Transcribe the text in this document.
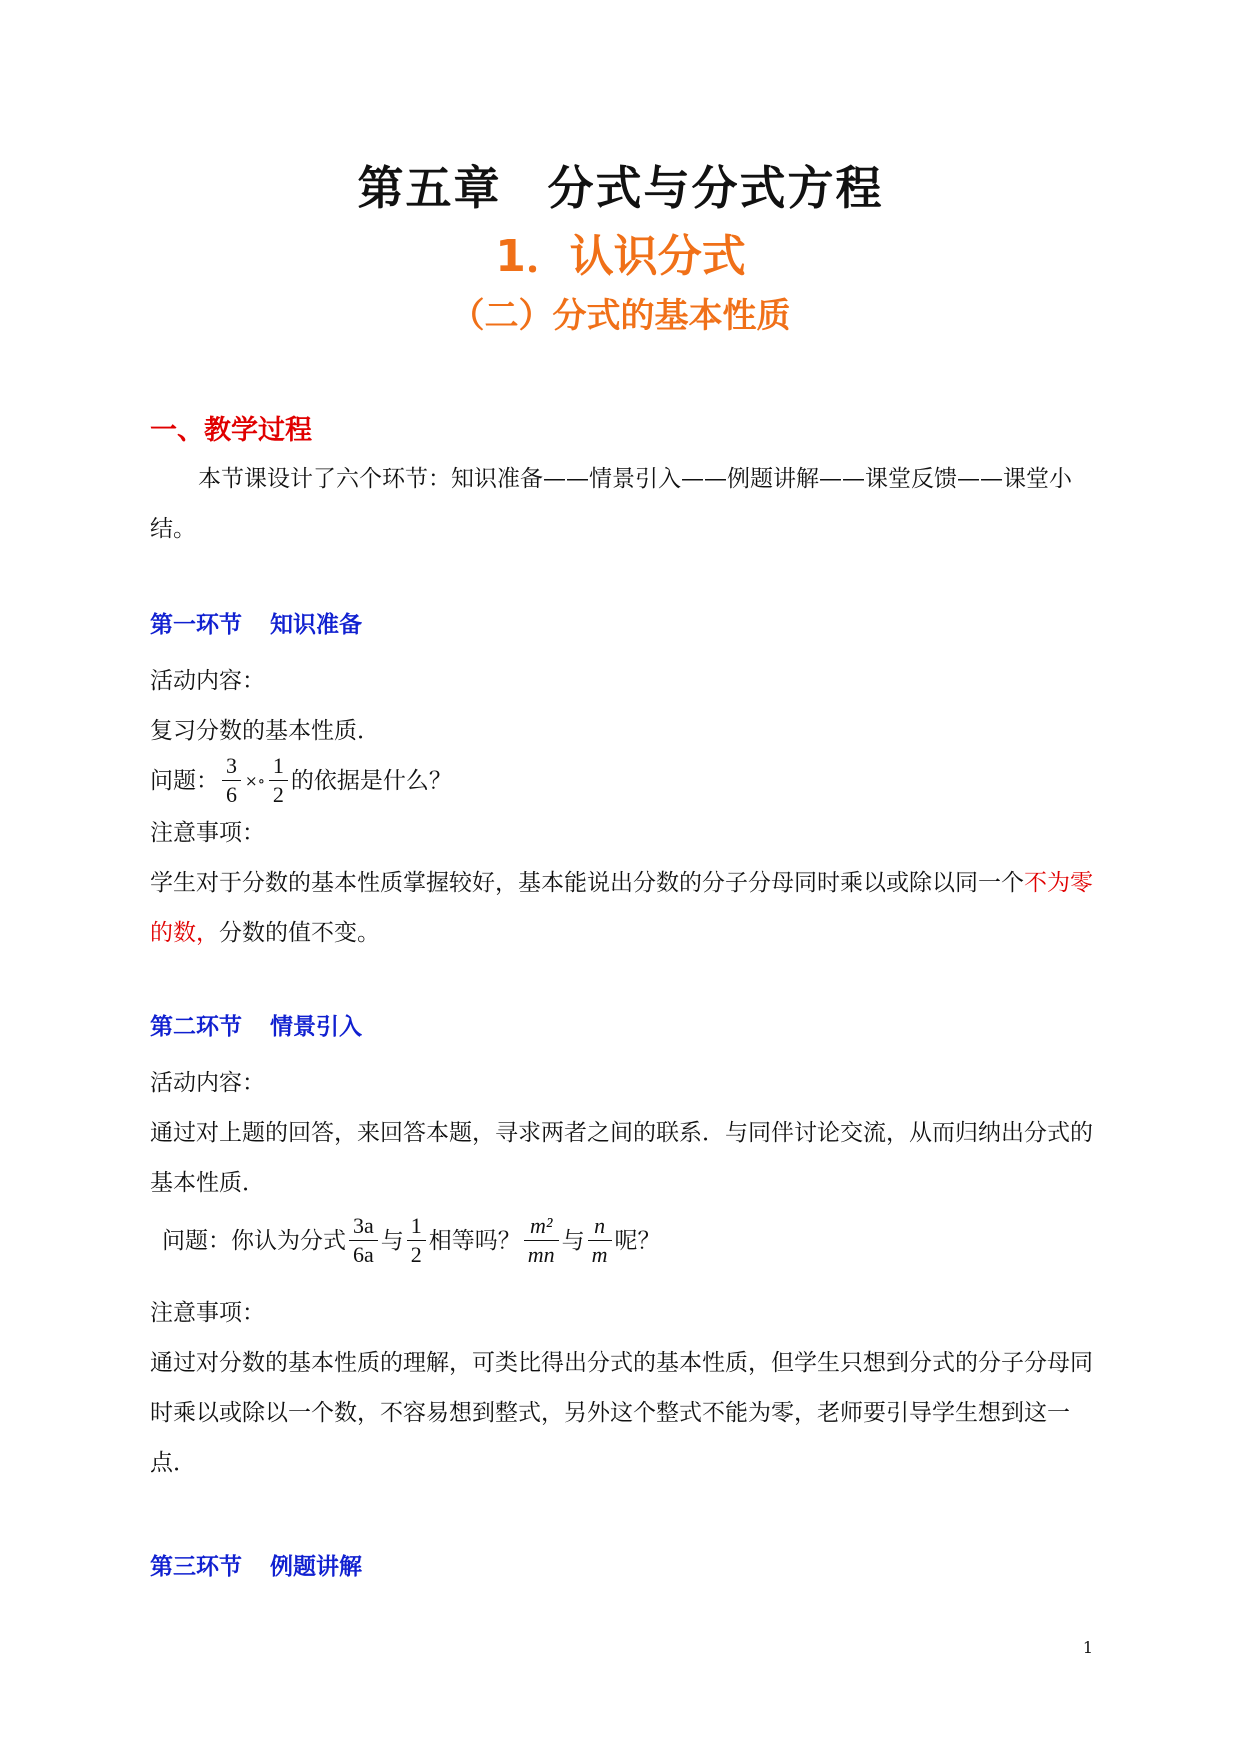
第五章 分式与分式方程
1．认识分式
（二）分式的基本性质
一、教学过程
本节课设计了六个环节：知识准备——情景引入——例题讲解——课堂反馈——课堂小结。
第一环节 知识准备
活动内容：
复习分数的基本性质．
问题： $\frac{3}{6}$ ×∘ $\frac{1}{2}$ 的依据是什么？
注意事项：
学生对于分数的基本性质掌握较好，基本能说出分数的分子分母同时乘以或除以同一个不为零的数，分数的值不变。
第二环节 情景引入
活动内容：
通过对上题的回答，来回答本题，寻求两者之间的联系．与同伴讨论交流，从而归纳出分式的基本性质．
问题：你认为分式 $\frac{3a}{6a}$ 与 $\frac{1}{2}$ 相等吗？ $\frac{\text{m²}}{mn}$ 与 $\frac{n}{m}$ 呢？
注意事项：
通过对分数的基本性质的理解，可类比得出分式的基本性质，但学生只想到分式的分子分母同时乘以或除以一个数，不容易想到整式，另外这个整式不能为零，老师要引导学生想到这一点．
第三环节 例题讲解
1
